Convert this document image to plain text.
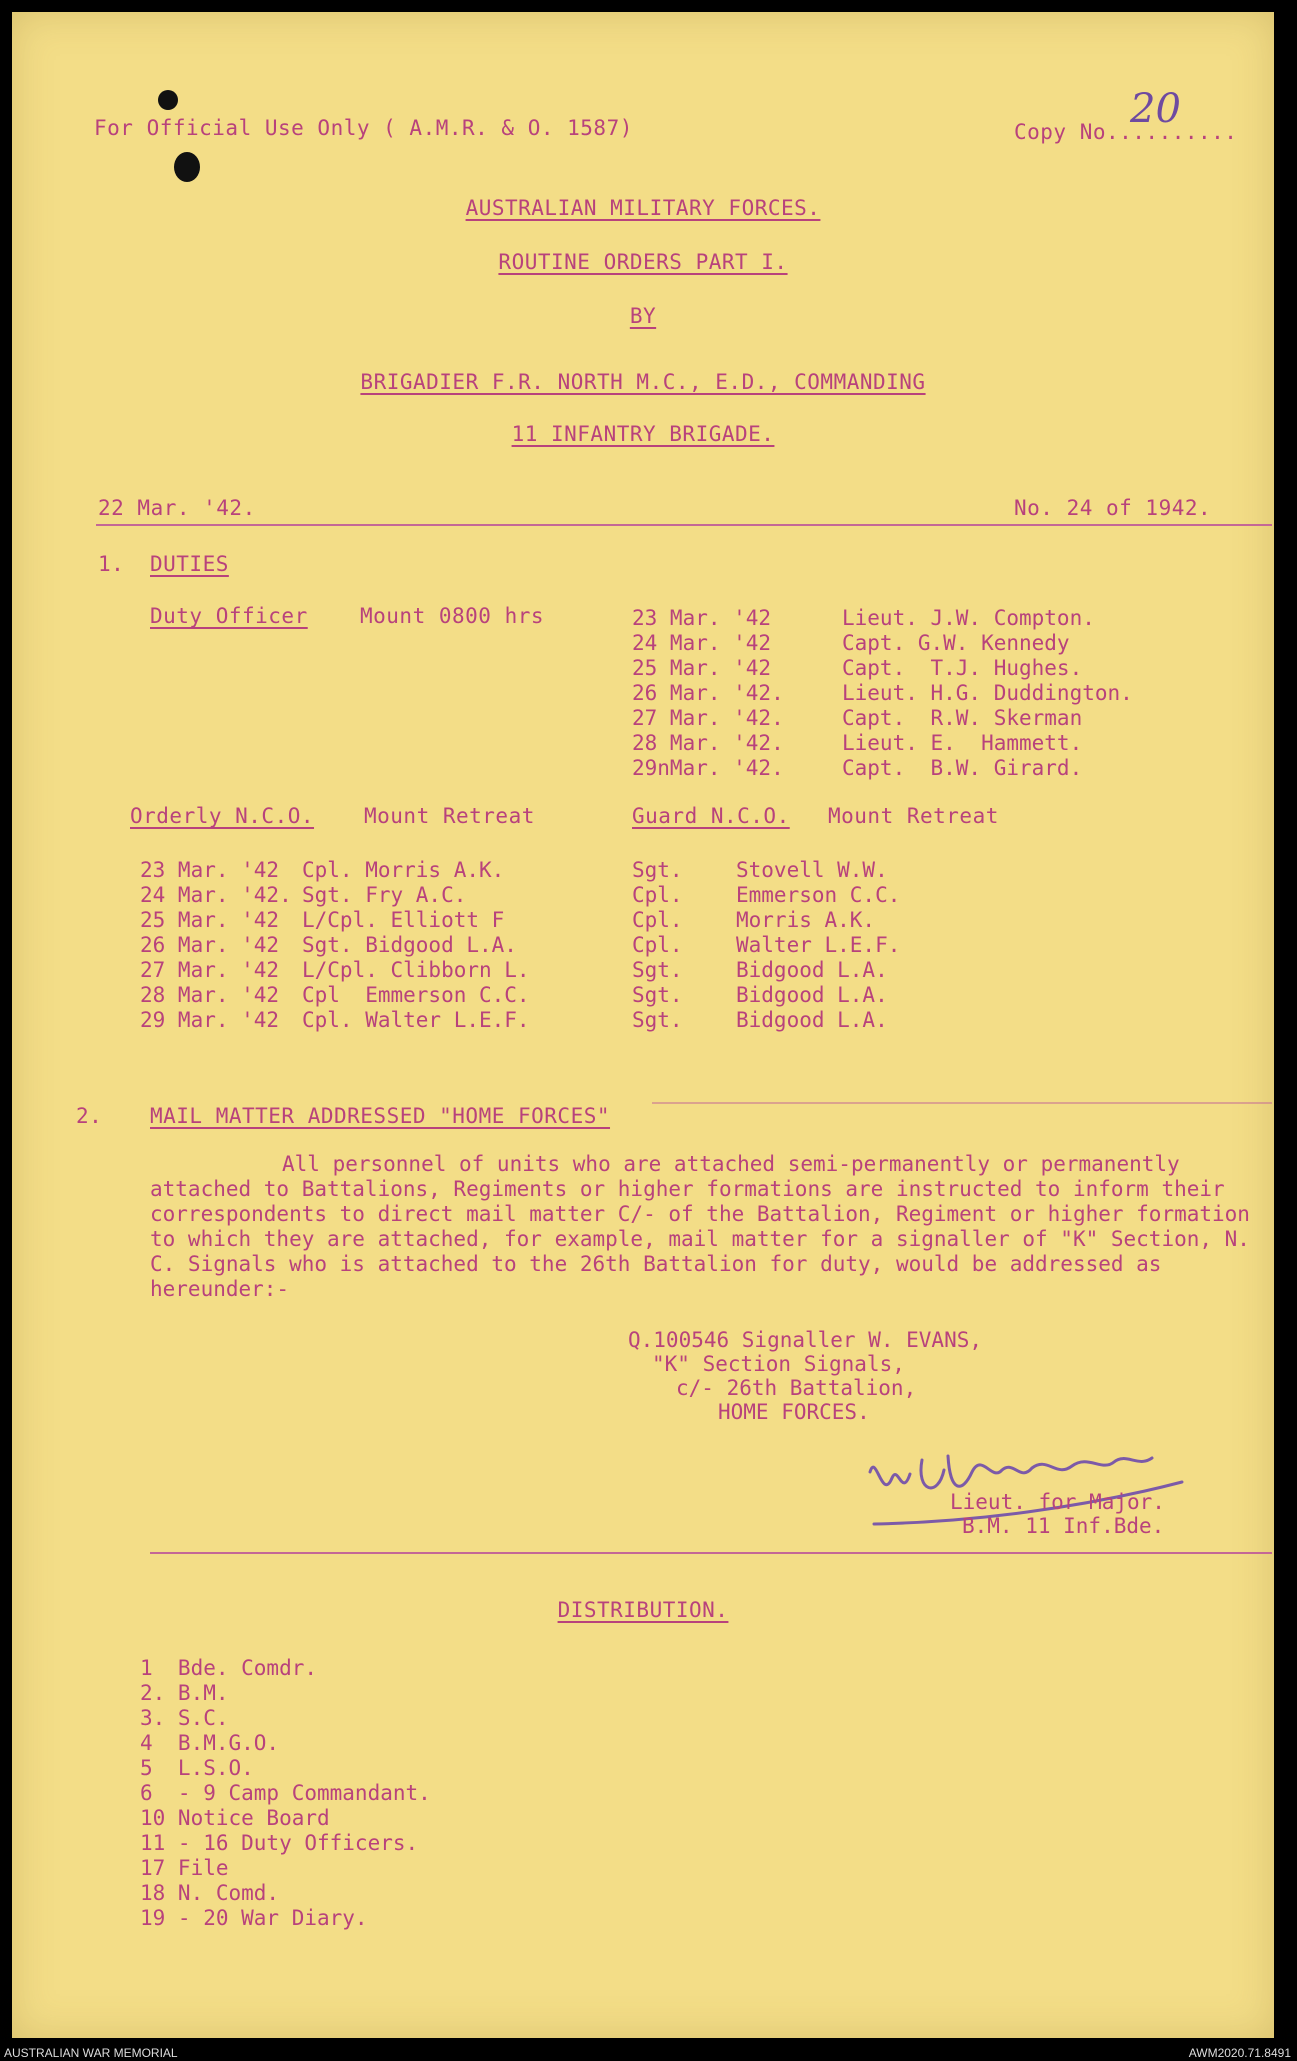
For Official Use Only ( A.M.R. & O. 1587)	Copy No..........
20
AUSTRALIAN MILITARY FORCES.
ROUTINE ORDERS PART I.
BY
BRIGADIER F.R. NORTH M.C., E.D., COMMANDING
11 INFANTRY BRIGADE.
22 Mar. '42.	No. 24 of 1942.
1. DUTIES
Duty Officer Mount 0800 hrs	23 Mar. '42	Lieut. J.W. Compton.
24 Mar. '42	Capt. G.W. Kennedy
25 Mar. '42	Capt.  T.J. Hughes.
26 Mar. '42.	Lieut. H.G. Duddington.
27 Mar. '42.	Capt.  R.W. Skerman
28 Mar. '42.	Lieut. E.  Hammett.
29nMar. '42.	Capt.  B.W. Girard.
Orderly N.C.O. Mount Retreat	Guard N.C.O. Mount Retreat
23 Mar. '42 Cpl. Morris A.K.	Sgt.	Stovell W.W.
24 Mar. '42. Sgt. Fry A.C.	Cpl.	Emmerson C.C.
25 Mar. '42 L/Cpl. Elliott F	Cpl.	Morris A.K.
26 Mar. '42 Sgt. Bidgood L.A.	Cpl.	Walter L.E.F.
27 Mar. '42 L/Cpl. Clibborn L.	Sgt.	Bidgood L.A.
28 Mar. '42 Cpl  Emmerson C.C.	Sgt.	Bidgood L.A.
29 Mar. '42 Cpl. Walter L.E.F.	Sgt.	Bidgood L.A.
2. MAIL MATTER ADDRESSED "HOME FORCES"
All personnel of units who are attached semi-permanently or permanently attached to Battalions, Regiments or higher formations are instructed to inform their correspondents to direct mail matter C/- of the Battalion, Regiment or higher formation to which they are attached, for example, mail matter for a signaller of "K" Section, N. C. Signals who is attached to the 26th Battalion for duty, would be addressed as hereunder:-
Q.100546 Signaller W. EVANS,
"K" Section Signals,
c/- 26th Battalion,
HOME FORCES.
Lieut. for Major.
B.M. 11 Inf.Bde.
DISTRIBUTION.
1  Bde. Comdr.
2. B.M.
3. S.C.
4  B.M.G.O.
5  L.S.O.
6  - 9 Camp Commandant.
10 Notice Board
11 - 16 Duty Officers.
17 File
18 N. Comd.
19 - 20 War Diary.
AUSTRALIAN WAR MEMORIAL	AWM2020.71.8491
